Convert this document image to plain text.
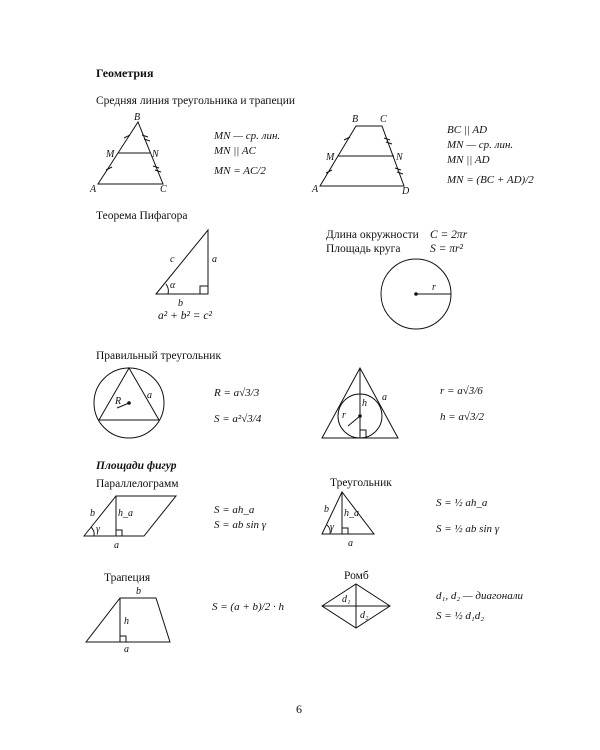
Геометрия
Средняя линия треугольника и трапеции
B
M	N
A	C
MN — ср. лин.
MN || AC
MN = AC/2
B C
M	N
A	D
BC || AD
MN — ср. лин.
MN || AD
MN = (BC + AD)/2
Теорема Пифагора
c	a
α
b
a² + b² = c²
Длина окружности C = 2πr
Площадь круга	S = πr²
r
Правильный треугольник
R
a	R = a√3/3
S = a²√3/4
h
r
a
r = a√3/6
h = a√3/2
Площади фигур
Параллелограмм
b h_a
γ
a
S = ah_a
S = ab sin γ
Треугольник
b h_a
γ
a
S = ½ ah_a
S = ½ ab sin γ
Трапеция
b
h
a
S = (a + b)/2 · h
Ромб
d₁
d₂
d₁, d₂ — диагонали
S = ½ d₁d₂
6
